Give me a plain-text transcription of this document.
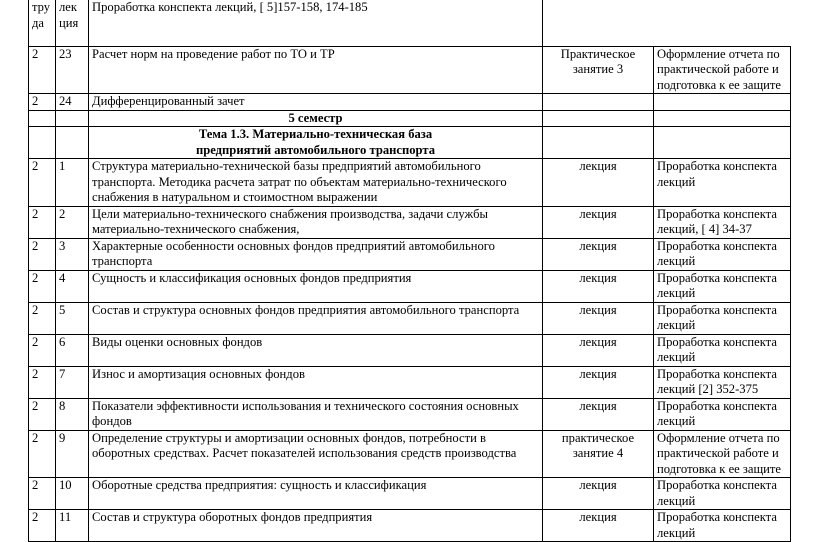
тру да	лек ция	Проработка конспекта лекций, [ 5]157-158, 174-185		
2	23	Расчет норм на проведение работ по ТО и ТР	Практическое занятие 3	Оформление отчета по практической работе и подготовка к ее защите
2	24	Дифференцированный зачет		
		5 семестр		
		Тема 1.3. Материально-техническая база предприятий автомобильного транспорта		
2	1	Структура материально-технической базы предприятий автомобильного транспорта. Методика расчета затрат по объектам материально-технического снабжения в натуральном и стоимостном выражении	лекция	Проработка конспекта лекций
2	2	Цели материально-технического снабжения производства, задачи службы материально-технического снабжения,	лекция	Проработка конспекта лекций, [ 4] 34-37
2	3	Характерные особенности основных фондов предприятий автомобильного транспорта	лекция	Проработка конспекта лекций
2	4	Сущность и классификация основных фондов предприятия	лекция	Проработка конспекта лекций
2	5	Состав и структура основных фондов предприятия автомобильного транспорта	лекция	Проработка конспекта лекций
2	6	Виды оценки основных фондов	лекция	Проработка конспекта лекций
2	7	Износ и амортизация основных фондов	лекция	Проработка конспекта лекций [2] 352-375
2	8	Показатели эффективности использования и технического состояния основных фондов	лекция	Проработка конспекта лекций
2	9	Определение структуры и амортизации основных фондов, потребности в оборотных средствах. Расчет показателей использования средств производства	практическое занятие 4	Оформление отчета по практической работе и подготовка к ее защите
2	10	Оборотные средства предприятия: сущность и классификация	лекция	Проработка конспекта лекций
2	11	Состав и структура оборотных фондов предприятия	лекция	Проработка конспекта лекций
